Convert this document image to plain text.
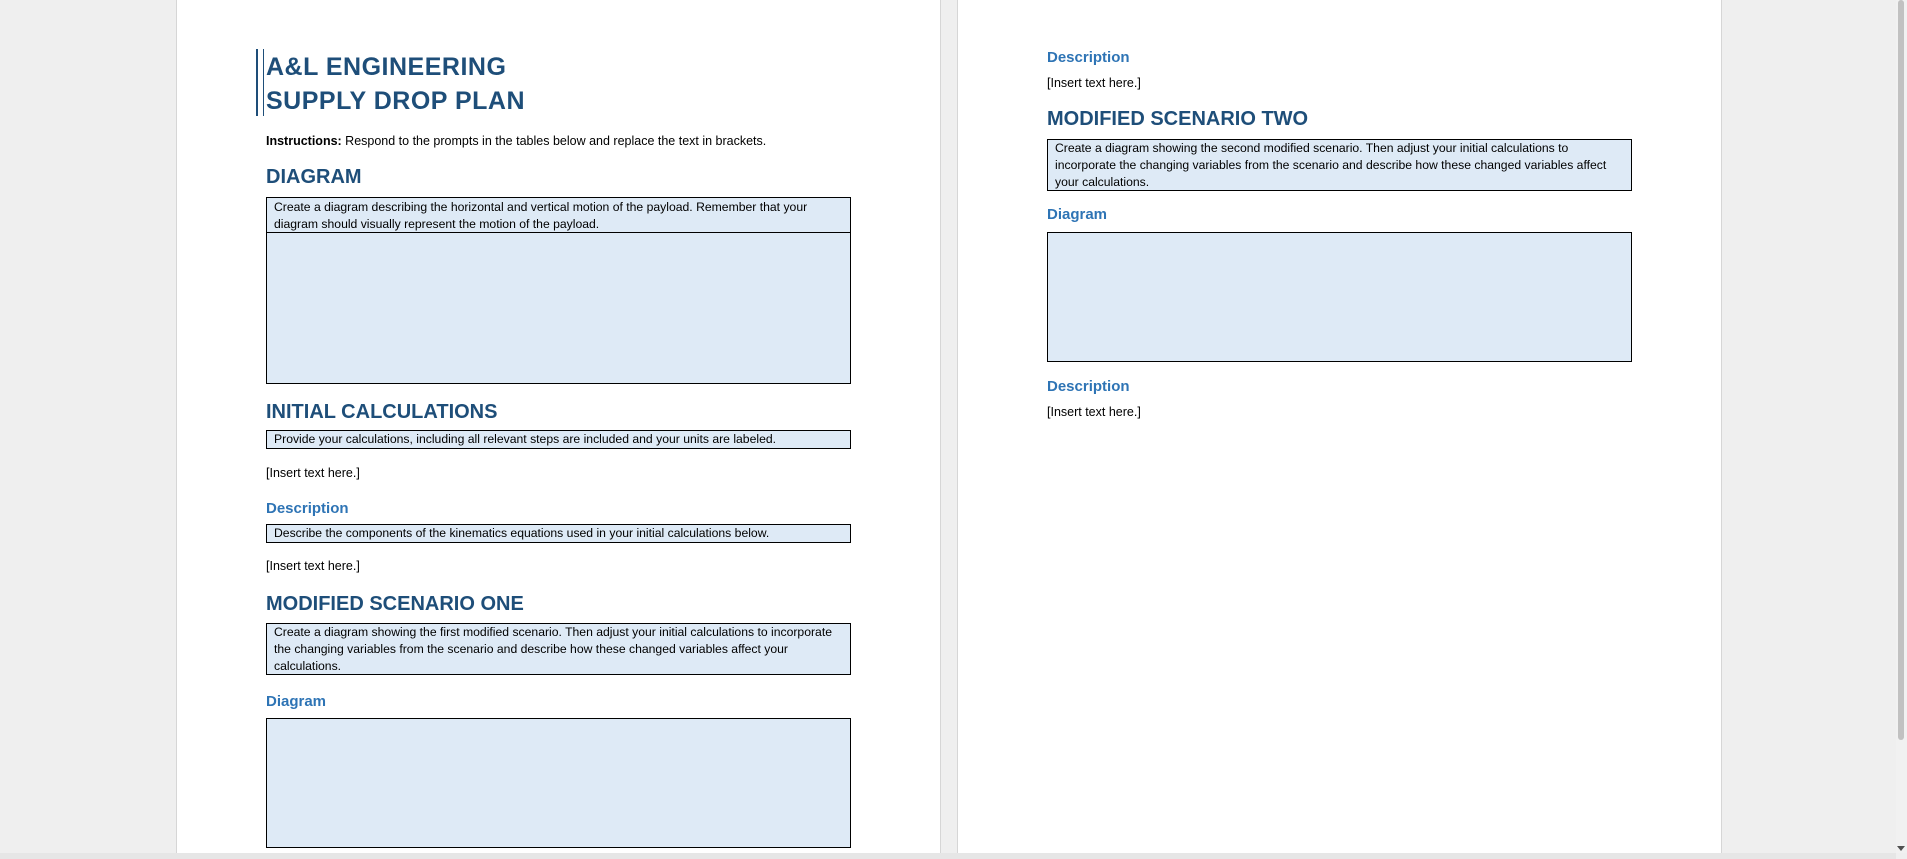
A&L ENGINEERING
SUPPLY DROP PLAN

Instructions: Respond to the prompts in the tables below and replace the text in brackets.

DIAGRAM
Create a diagram describing the horizontal and vertical motion of the payload. Remember that your diagram should visually represent the motion of the payload.
INITIAL CALCULATIONS
Provide your calculations, including all relevant steps are included and your units are labeled.

[Insert text here.]

Description
Describe the components of the kinematics equations used in your initial calculations below.

[Insert text here.]

MODIFIED SCENARIO ONE
Create a diagram showing the first modified scenario. Then adjust your initial calculations to incorporate the changing variables from the scenario and describe how these changed variables affect your calculations.
Diagram
Description

[Insert text here.]

MODIFIED SCENARIO TWO
Create a diagram showing the second modified scenario. Then adjust your initial calculations to incorporate the changing variables from the scenario and describe how these changed variables affect your calculations.
Diagram
Description

[Insert text here.]
